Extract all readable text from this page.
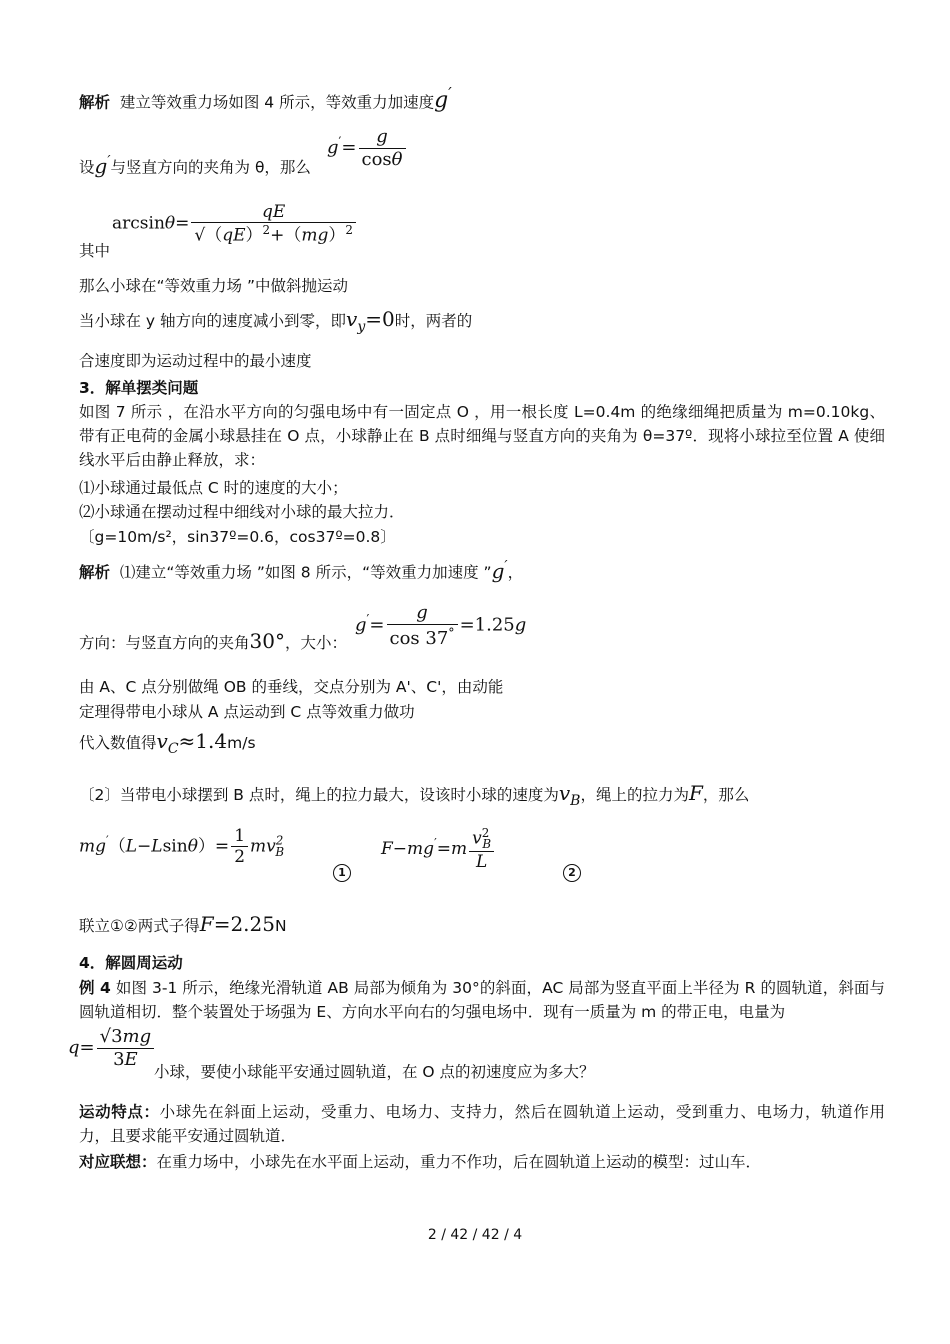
解析 建立等效重力场如图 4 所示，等效重力加速度g′
设g′与竖直方向的夹角为 θ，那么
$g'= \frac{g}{\cos\theta}$
$\arcsin\theta= \frac{qE}{√(qE)^2+(mg)^2}$
其中
那么小球在“等效重力场 ”中做斜抛运动
当小球在 y 轴方向的速度减小到零，即$v_y=0$时，两者的
合速度即为运动过程中的最小速度
3．解单摆类问题
如图 7 所示 ，在沿水平方向的匀强电场中有一固定点 O ，用一根长度 L=0.4m 的绝缘细绳把质量为 m=0.10kg、带有正电荷的金属小球悬挂在 O 点，小球静止在 B 点时细绳与竖直方向的夹角为 θ=37º．现将小球拉至位置 A 使细线水平后由静止释放，求：
⑴小球通过最低点 C 时的速度的大小；
⑵小球通在摆动过程中细线对小球的最大拉力．
〔g=10m/s²，sin37º=0.6，cos37º=0.8〕
解析 ⑴建立“等效重力场 ”如图 8 所示，“等效重力加速度 ”g′，
方向：与竖直方向的夹角30°，大小：
$g'= \frac{g}{\cos 37^\circ} =1.25g$
由 A、C 点分别做绳 OB 的垂线，交点分别为 A'、C'，由动能
定理得带电小球从 A 点运动到 C 点等效重力做功
代入数值得$v_C\approx 1.4m/s$
〔2〕当带电小球摆到 B 点时，绳上的拉力最大，设该时小球的速度为$v_B$，绳上的拉力为F，那么
$mg'(L-Lsin\theta)= \frac{1}{2} mv^2_B$
1
$F-mg'=m \frac{v^2_B}{L}$	2
联立①②两式子得F=2.25N
4．解圆周运动
例 4 如图 3-1 所示，绝缘光滑轨道 AB 局部为倾角为 30°的斜面，AC 局部为竖直平面上半径为 R 的圆轨道，斜面与圆轨道相切．整个装置处于场强为 E、方向水平向右的匀强电场中．现有一质量为 m 的带正电，电量为
$q= \frac{√3mg}{3E}$
小球，要使小球能平安通过圆轨道，在 O 点的初速度应为多大？
运动特点：小球先在斜面上运动，受重力、电场力、支持力，然后在圆轨道上运动，受到重力、电场力，轨道作用力，且要求能平安通过圆轨道．
对应联想：在重力场中，小球先在水平面上运动，重力不作功，后在圆轨道上运动的模型：过山车．
2 / 42 / 42 / 4
